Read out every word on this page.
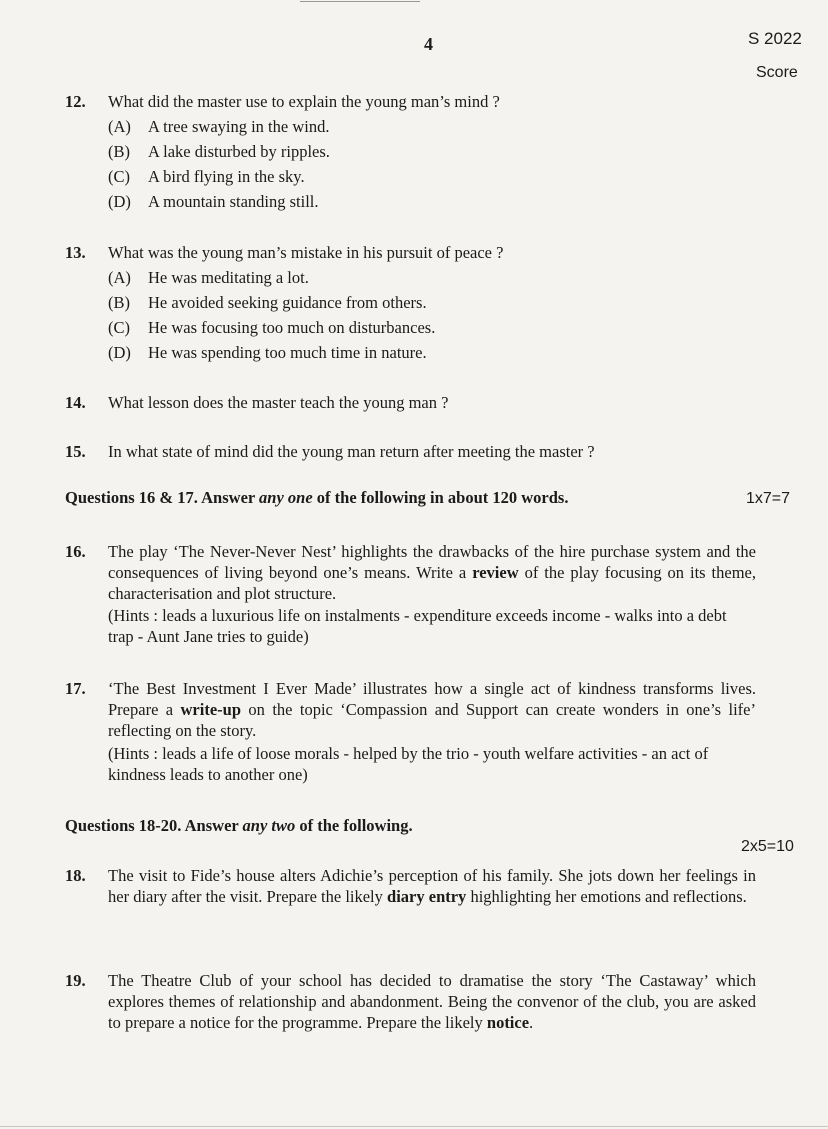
4	S 2022
Score
12. What did the master use to explain the young man’s mind ?
(A) A tree swaying in the wind.
(B) A lake disturbed by ripples.
(C) A bird flying in the sky.
(D) A mountain standing still.
13. What was the young man’s mistake in his pursuit of peace ?
(A) He was meditating a lot.
(B) He avoided seeking guidance from others.
(C) He was focusing too much on disturbances.
(D) He was spending too much time in nature.
14. What lesson does the master teach the young man ?
15. In what state of mind did the young man return after meeting the master ?
Questions 16 & 17. Answer any one of the following in about 120 words.	1x7=7
16. The play ‘The Never-Never Nest’ highlights the drawbacks of the hire purchase system and the consequences of living beyond one’s means. Write a review of the play focusing on its theme, characterisation and plot structure.
(Hints : leads a luxurious life on instalments - expenditure exceeds income - walks into a debt trap - Aunt Jane tries to guide)
17. ‘The Best Investment I Ever Made’ illustrates how a single act of kindness transforms lives. Prepare a write-up on the topic ‘Compassion and Support can create wonders in one’s life’ reflecting on the story.
(Hints : leads a life of loose morals - helped by the trio - youth welfare activities - an act of kindness leads to another one)
Questions 18-20. Answer any two of the following.
2x5=10
18. The visit to Fide’s house alters Adichie’s perception of his family. She jots down her feelings in her diary after the visit. Prepare the likely diary entry highlighting her emotions and reflections.
19. The Theatre Club of your school has decided to dramatise the story ‘The Castaway’ which explores themes of relationship and abandonment. Being the convenor of the club, you are asked to prepare a notice for the programme. Prepare the likely notice.
